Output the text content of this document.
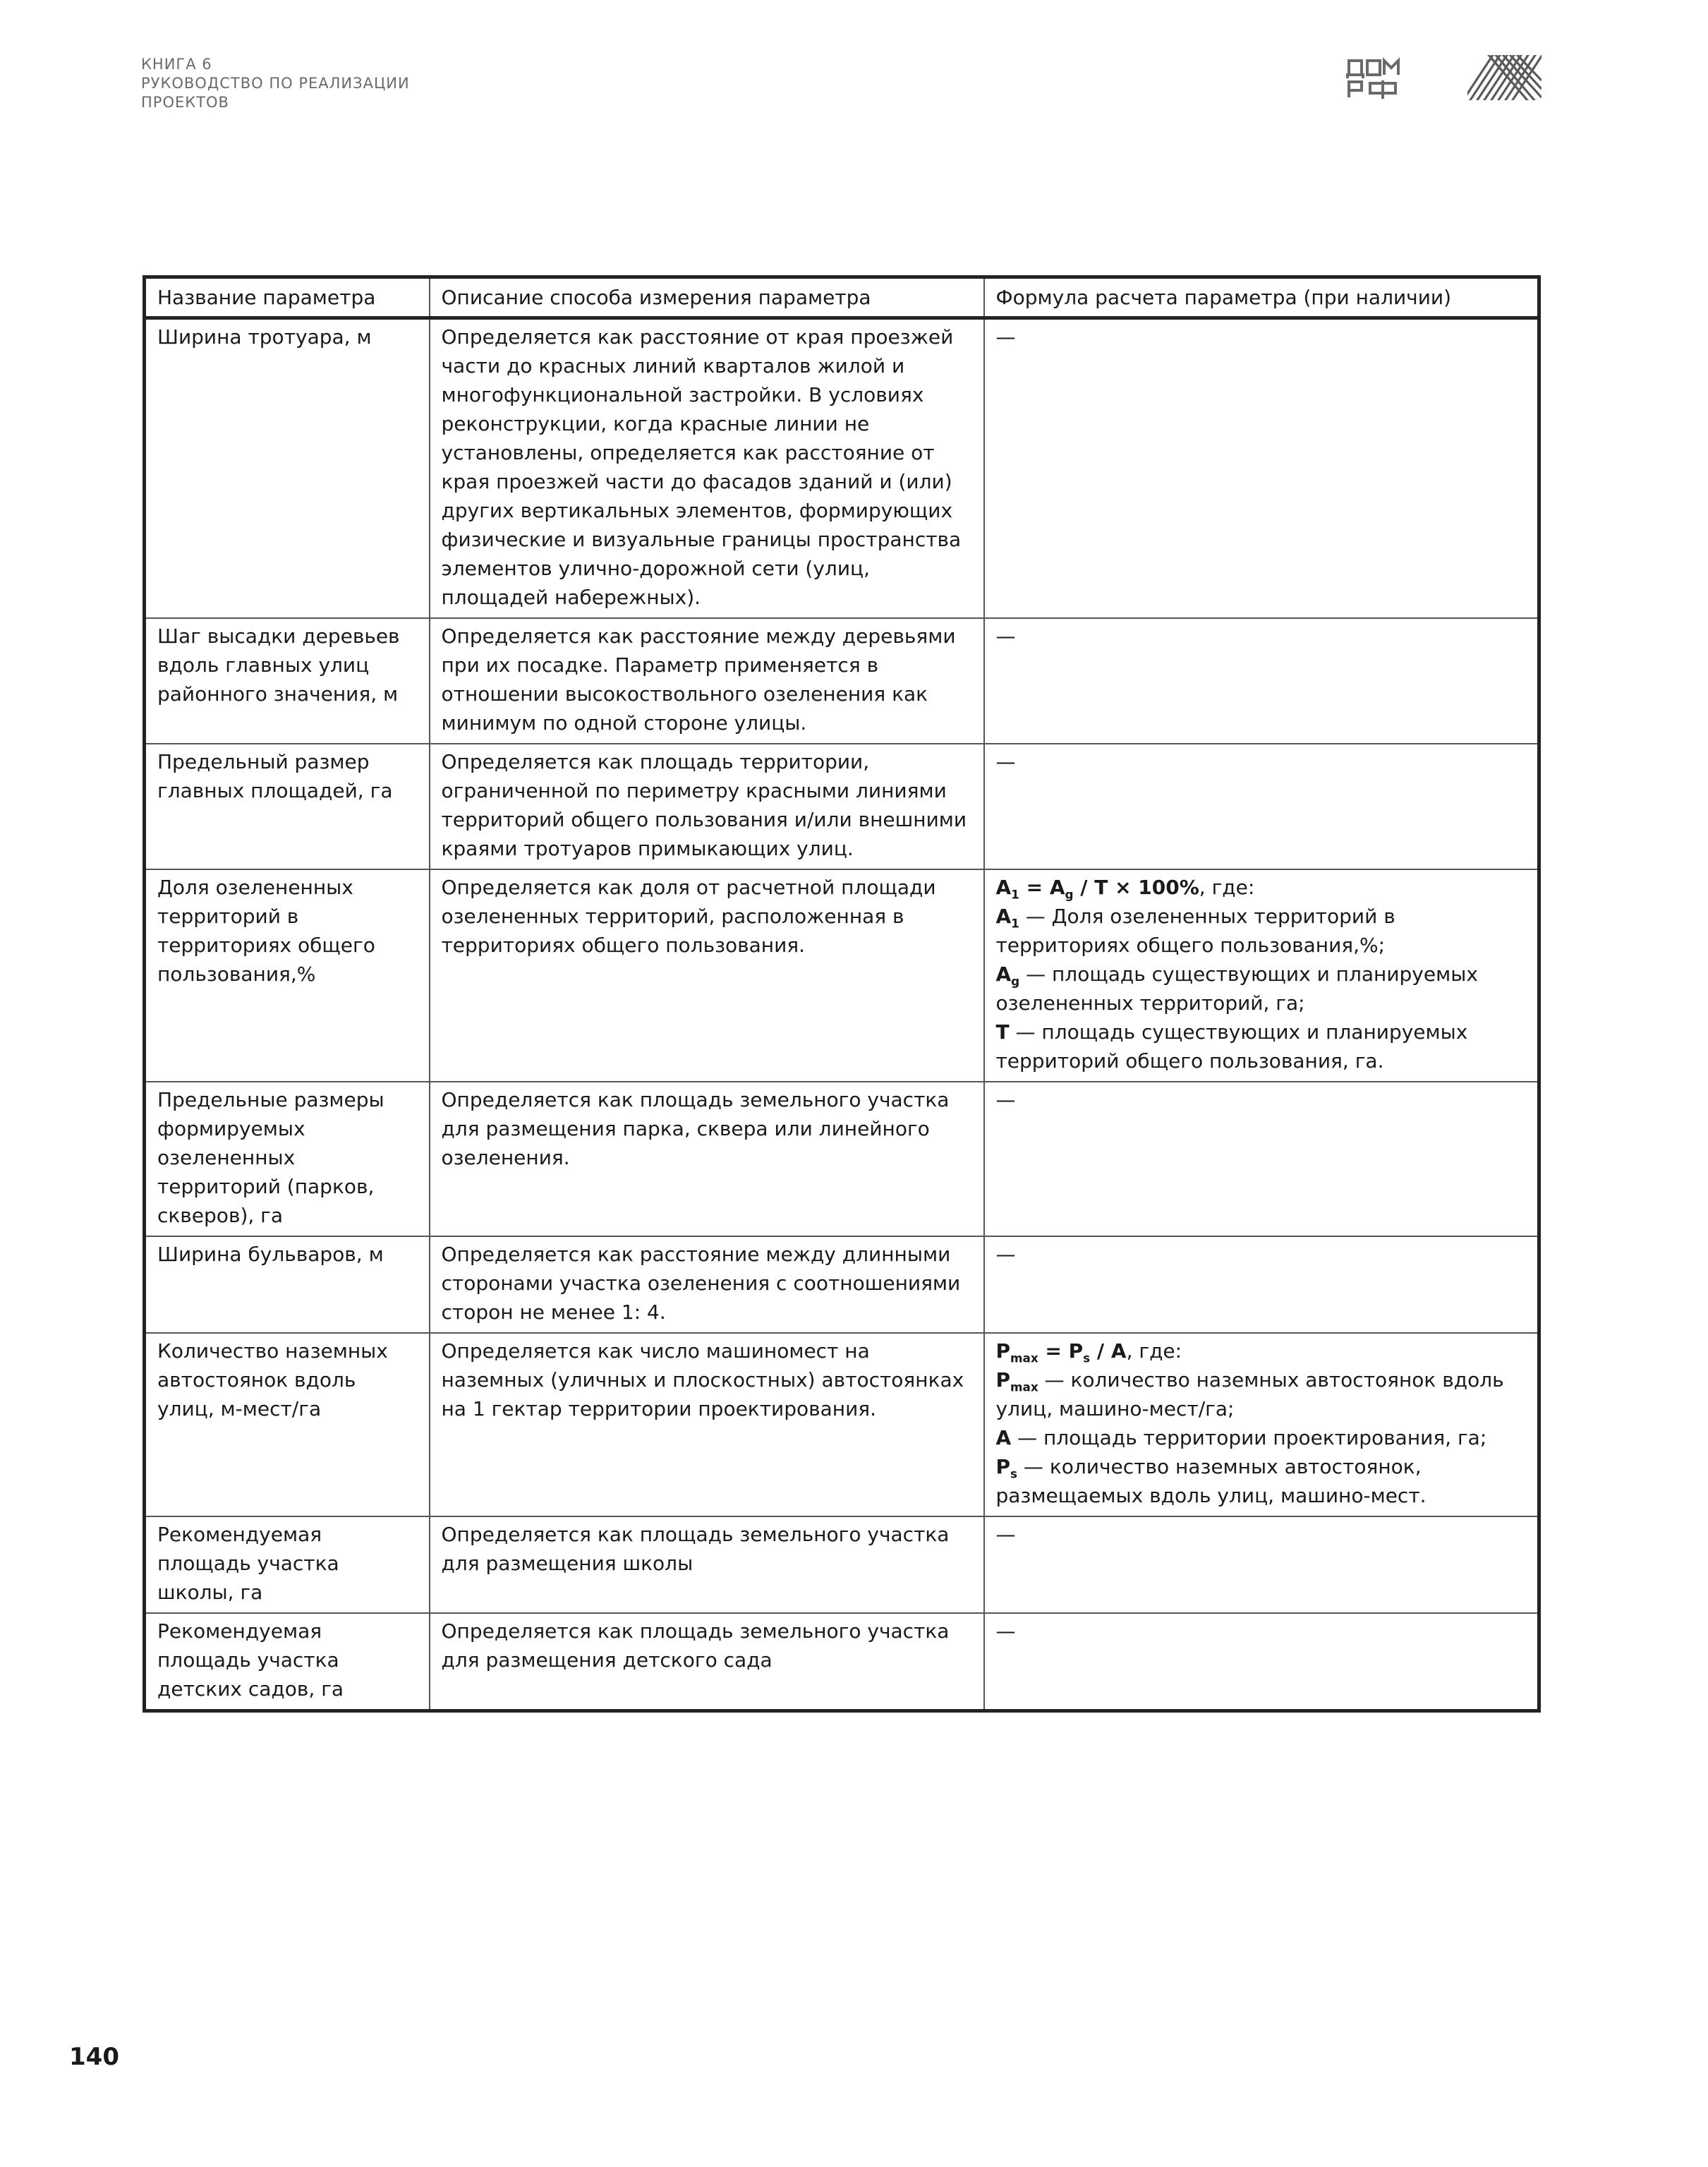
КНИГА 6
РУКОВОДСТВО ПО РЕАЛИЗАЦИИ
ПРОЕКТОВ
Название параметра	Описание способа измерения параметра	Формула расчета параметра (при наличии)
Ширина тротуара, м	Определяется как расстояние от края проезжей части до красных линий кварталов жилой и многофункциональной застройки. В условиях реконструкции, когда красные линии не установлены, определяется как расстояние от края проезжей части до фасадов зданий и (или) других вертикальных элементов, формирующих физические и визуальные границы пространства элементов улично-дорожной сети (улиц, площадей набережных).	—
Шаг высадки деревьев вдоль главных улиц районного значения, м	Определяется как расстояние между деревьями при их посадке. Параметр применяется в отношении высокоствольного озеленения как минимум по одной стороне улицы.	—
Предельный размер главных площадей, га	Определяется как площадь территории, ограниченной по периметру красными линиями территорий общего пользования и/или внешними краями тротуаров примыкающих улиц.	—
Доля озелененных территорий в территориях общего пользования,%	Определяется как доля от расчетной площади озелененных территорий, расположенная в территориях общего пользования.	$A_1 = A_g / T \times 100\%$, где:
$A_1$ — Доля озелененных территорий в территориях общего пользования,%;
$A_g$ — площадь существующих и планируемых озелененных территорий, га;
T — площадь существующих и планируемых территорий общего пользования, га.

Предельные размеры формируемых озелененных территорий (парков, скверов), га	Определяется как площадь земельного участка для размещения парка, сквера или линейного озеленения.	—
Ширина бульваров, м	Определяется как расстояние между длинными сторонами участка озеленения с соотношениями сторон не менее 1: 4.	—
Количество наземных автостоянок вдоль улиц, м-мест/га	Определяется как число машиномест на наземных (уличных и плоскостных) автостоянках на 1 гектар территории проектирования.	$P_{max} = P_s / A$, где:
$P_{max}$ — количество наземных автостоянок вдоль улиц, машино-мест/га;
A — площадь территории проектирования, га;
$P_s$ — количество наземных автостоянок, размещаемых вдоль улиц, машино-мест.

Рекомендуемая площадь участка школы, га	Определяется как площадь земельного участка для размещения школы	—
Рекомендуемая площадь участка детских садов, га	Определяется как площадь земельного участка для размещения детского сада	—
140
